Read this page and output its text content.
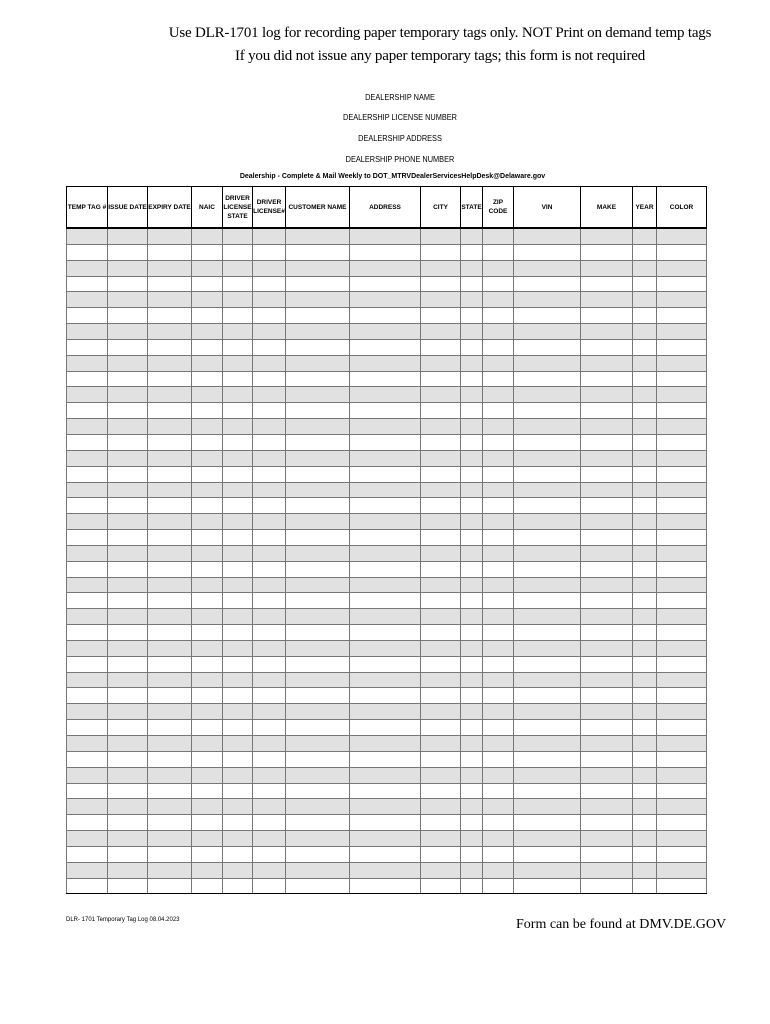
Use DLR-1701 log for recording paper temporary tags only. NOT Print on demand temp tags
If you did not issue any paper temporary tags; this form is not required
DEALERSHIP NAME
DEALERSHIP LICENSE NUMBER
DEALERSHIP ADDRESS
DEALERSHIP PHONE NUMBER
Dealership - Complete & Mail Weekly to DOT_MTRVDealerServicesHelpDesk@Delaware.gov
TEMP TAG #	ISSUE DATE	EXPIRY DATE	NAIC	DRIVER LICENSE STATE	DRIVER LICENSE#	CUSTOMER NAME	ADDRESS	CITY	STATE	ZIP CODE	VIN	MAKE	YEAR	COLOR

DLR- 1701 Temporary Tag Log 08.04.2023	Form can be found at DMV.DE.GOV
